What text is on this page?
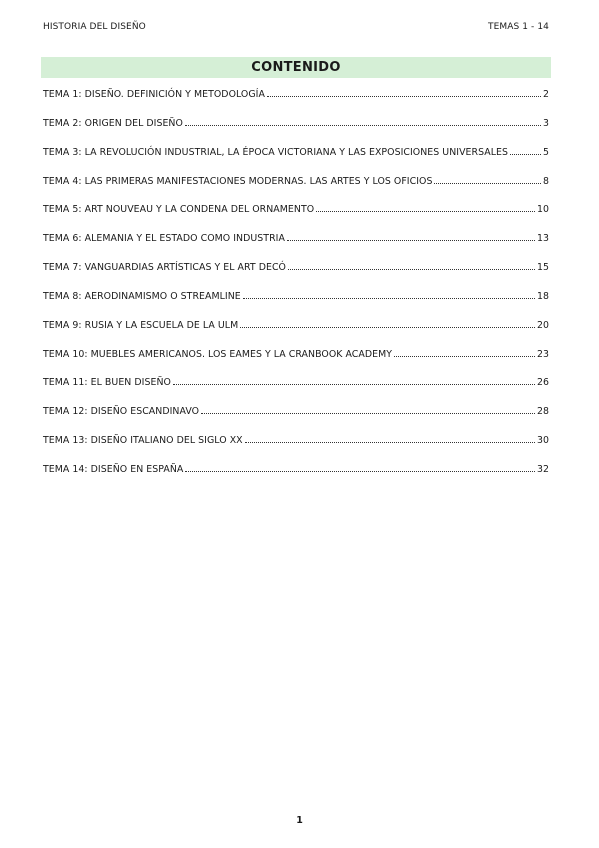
HISTORIA DEL DISEÑO	TEMAS 1 - 14
CONTENIDO
TEMA 1: DISEÑO. DEFINICIÓN Y METODOLOGÍA	2
TEMA 2: ORIGEN DEL DISEÑO	3
TEMA 3: LA REVOLUCIÓN INDUSTRIAL, LA ÉPOCA VICTORIANA Y LAS EXPOSICIONES UNIVERSALES	5
TEMA 4: LAS PRIMERAS MANIFESTACIONES MODERNAS. LAS ARTES Y LOS OFICIOS	8
TEMA 5: ART NOUVEAU Y LA CONDENA DEL ORNAMENTO	10
TEMA 6: ALEMANIA Y EL ESTADO COMO INDUSTRIA	13
TEMA 7: VANGUARDIAS ARTÍSTICAS Y EL ART DECÓ	15
TEMA 8: AERODINAMISMO O STREAMLINE	18
TEMA 9: RUSIA Y LA ESCUELA DE LA ULM	20
TEMA 10: MUEBLES AMERICANOS. LOS EAMES Y LA CRANBOOK ACADEMY	23
TEMA 11: EL BUEN DISEÑO	26
TEMA 12: DISEÑO ESCANDINAVO	28
TEMA 13: DISEÑO ITALIANO DEL SIGLO XX	30
TEMA 14: DISEÑO EN ESPAÑA	32
1
